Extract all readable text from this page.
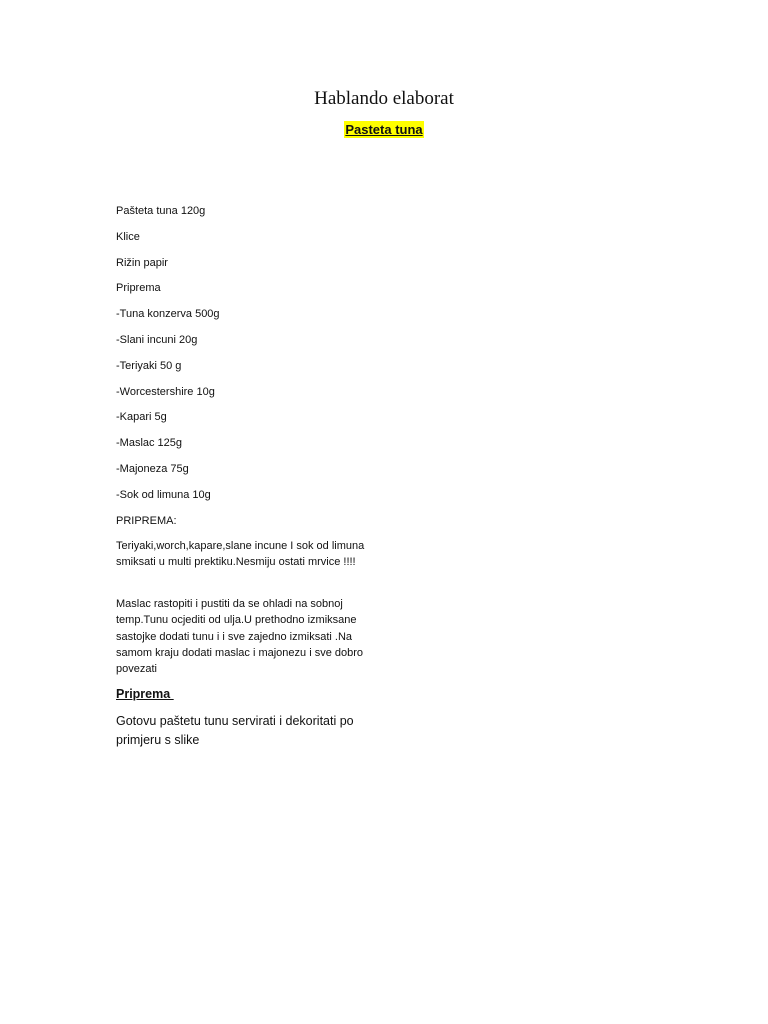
Hablando elaborat
Pasteta tuna
Pašteta tuna 120g
Klice
Rižin papir
Priprema
-Tuna konzerva 500g
-Slani incuni 20g
-Teriyaki 50 g
-Worcestershire 10g
-Kapari 5g
-Maslac 125g
-Majoneza 75g
-Sok od limuna 10g
PRIPREMA:

Teriyaki,worch,kapare,slane incune I sok od limuna smiksati u multi prektiku.Nesmiju ostati mrvice !!!!

Maslac rastopiti i pustiti da se ohladi na sobnoj temp.Tunu ocjediti od ulja.U prethodno izmiksane sastojke dodati tunu i i sve zajedno izmiksati .Na samom kraju dodati maslac i majonezu i sve dobro povezati

Priprema

Gotovu paštetu tunu servirati i dekoritati po primjeru s slike
